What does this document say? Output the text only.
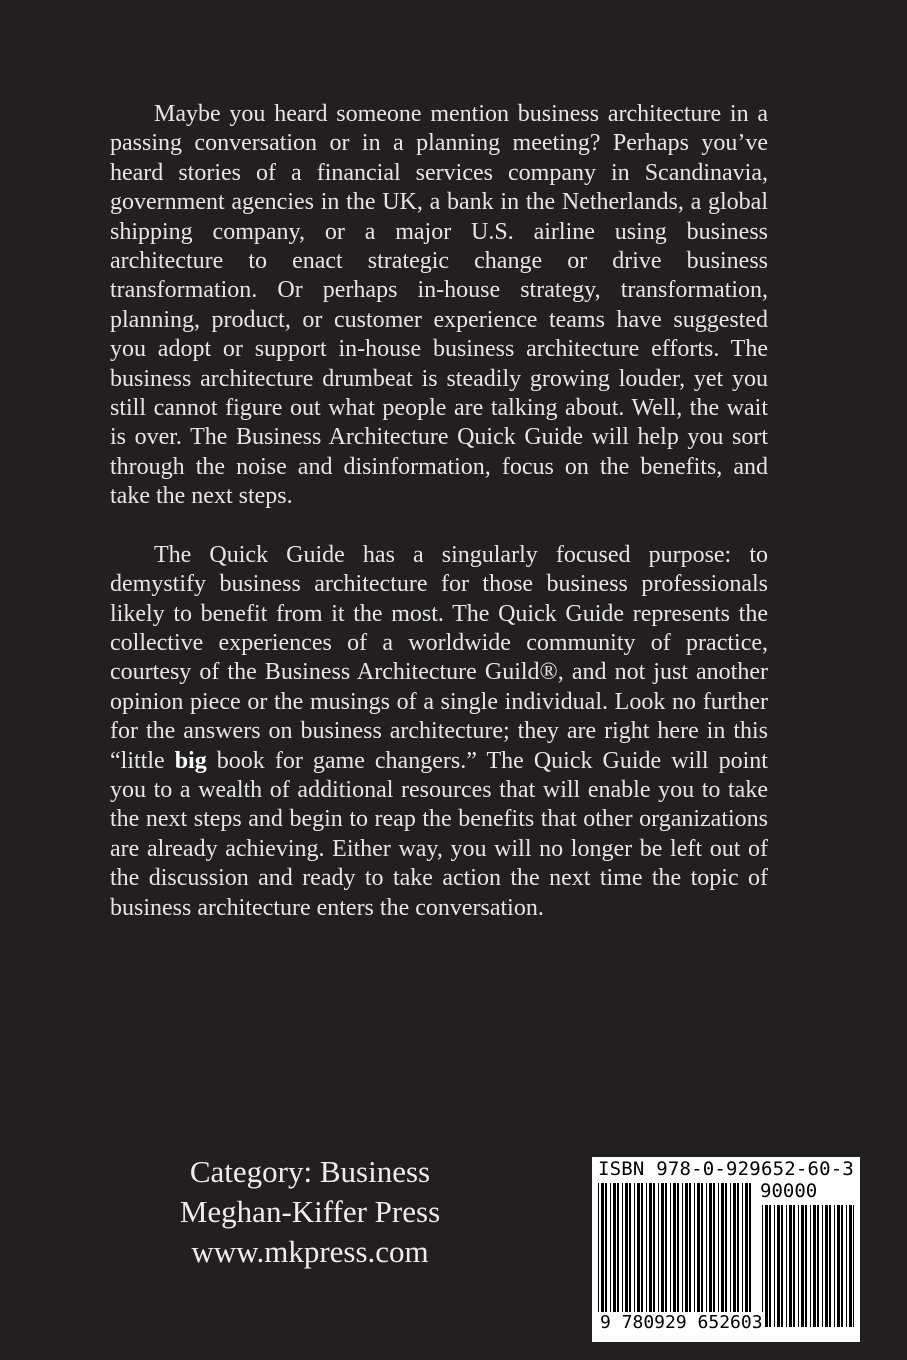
Maybe you heard someone mention business architecture in a passing conversation or in a planning meeting? Perhaps you’ve heard stories of a financial services company in Scandinavia, government agencies in the UK, a bank in the Netherlands, a global shipping company, or a major U.S. airline using business architecture to enact strategic change or drive business transformation. Or perhaps in-house strategy, transformation, planning, product, or customer experience teams have suggested you adopt or support in-house business architecture efforts. The business architecture drumbeat is steadily growing louder, yet you still cannot figure out what people are talking about. Well, the wait is over. The Business Architecture Quick Guide will help you sort through the noise and disinformation, focus on the benefits, and take the next steps.

The Quick Guide has a singularly focused purpose: to demystify business architecture for those business professionals likely to benefit from it the most. The Quick Guide represents the collective experiences of a worldwide community of practice, courtesy of the Business Architecture Guild®, and not just another opinion piece or the musings of a single individual. Look no further for the answers on business architecture; they are right here in this “little big book for game changers.” The Quick Guide will point you to a wealth of additional resources that will enable you to take the next steps and begin to reap the benefits that other organizations are already achieving. Either way, you will no longer be left out of the discussion and ready to take action the next time the topic of business architecture enters the conversation.

Category: Business
Meghan-Kiffer Press
www.mkpress.com
ISBN 978-0-929652-60-3
90000
9 780929 652603
